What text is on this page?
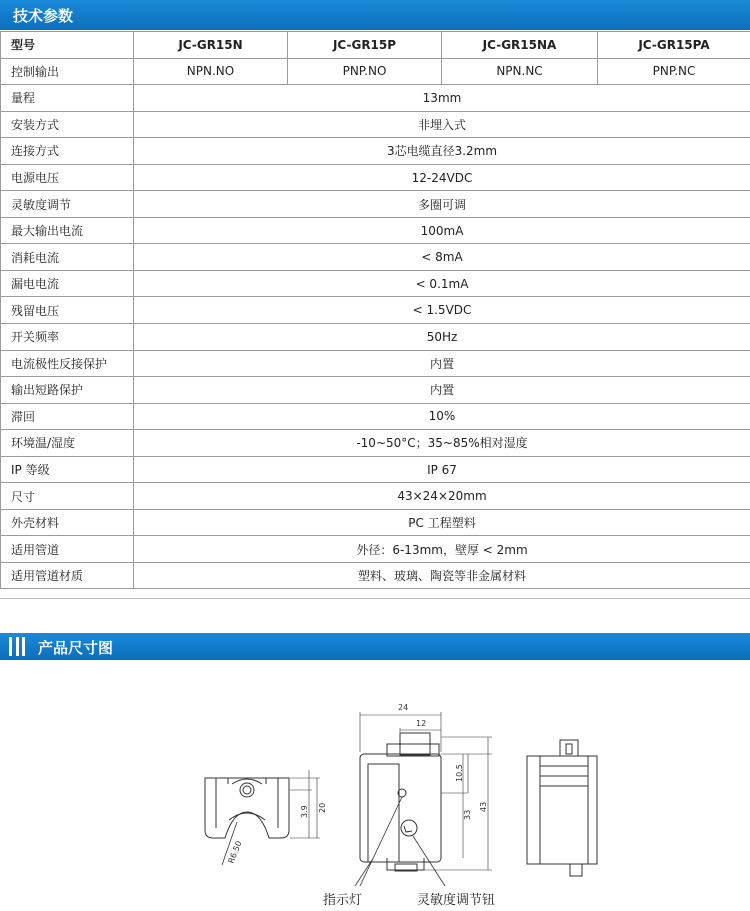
技术参数
型号	JC-GR15N	JC-GR15P	JC-GR15NA	JC-GR15PA
控制输出	NPN.NO	PNP.NO	NPN.NC	PNP.NC
量程	13mm			
安装方式	非埋入式			
连接方式	3芯电缆直径3.2mm			
电源电压	12-24VDC			
灵敏度调节	多圈可调			
最大输出电流	100mA			
消耗电流	< 8mA			
漏电电流	< 0.1mA			
残留电压	< 1.5VDC			
开关频率	50Hz			
电流极性反接保护	内置			
输出短路保护	内置			
滞回	10%			
环境温/湿度	-10~50°C；35~85%相对湿度			
IP 等级	IP 67			
尺寸	43×24×20mm			
外壳材料	PC 工程塑料			
适用管道	外径：6-13mm，壁厚 < 2mm			
适用管道材质	塑料、玻璃、陶瓷等非金属材料			
产品尺寸图
24
12
10.5
33
43
3.9 20
R6.50
指示灯	灵敏度调节钮
